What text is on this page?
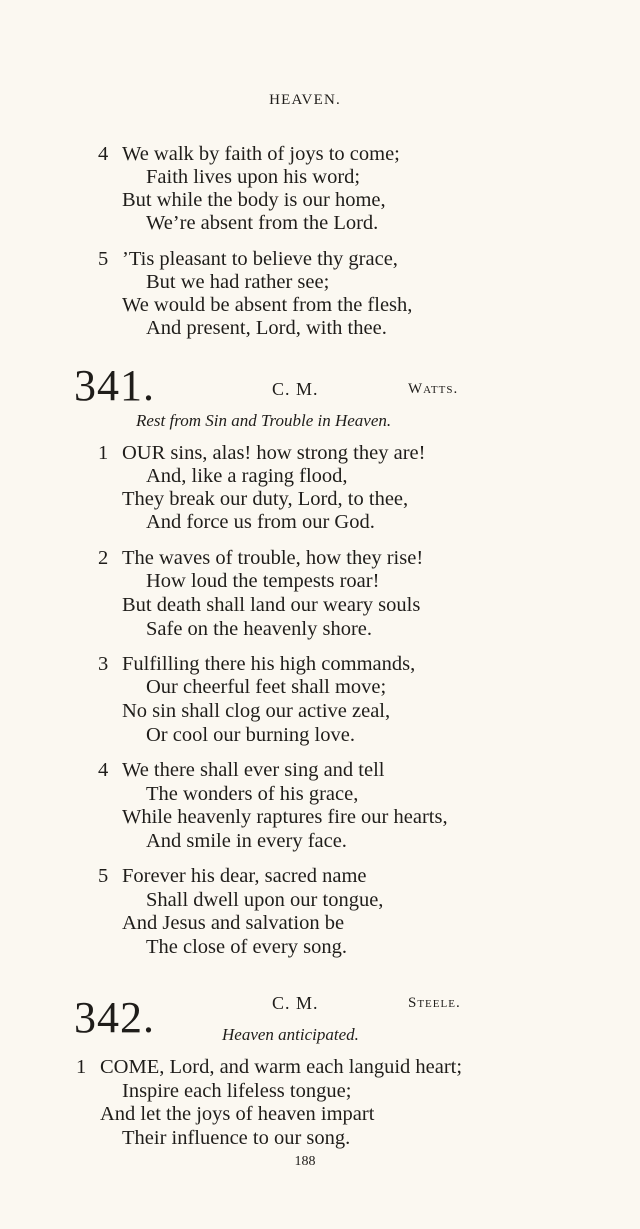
HEAVEN.
4 We walk by faith of joys to come;
Faith lives upon his word;
But while the body is our home,
We’re absent from the Lord.
5 ’Tis pleasant to believe thy grace,
But we had rather see;
We would be absent from the flesh,
And present, Lord, with thee.
341.	C. M.	Watts.
Rest from Sin and Trouble in Heaven.
1 OUR sins, alas! how strong they are!
And, like a raging flood,
They break our duty, Lord, to thee,
And force us from our God.
2 The waves of trouble, how they rise!
How loud the tempests roar!
But death shall land our weary souls
Safe on the heavenly shore.
3 Fulfilling there his high commands,
Our cheerful feet shall move;
No sin shall clog our active zeal,
Or cool our burning love.
4 We there shall ever sing and tell
The wonders of his grace,
While heavenly raptures fire our hearts,
And smile in every face.
5 Forever his dear, sacred name
Shall dwell upon our tongue,
And Jesus and salvation be
The close of every song.
342.	C. M.	Steele.
Heaven anticipated.
1 COME, Lord, and warm each languid heart;
Inspire each lifeless tongue;
And let the joys of heaven impart
Their influence to our song.
188
